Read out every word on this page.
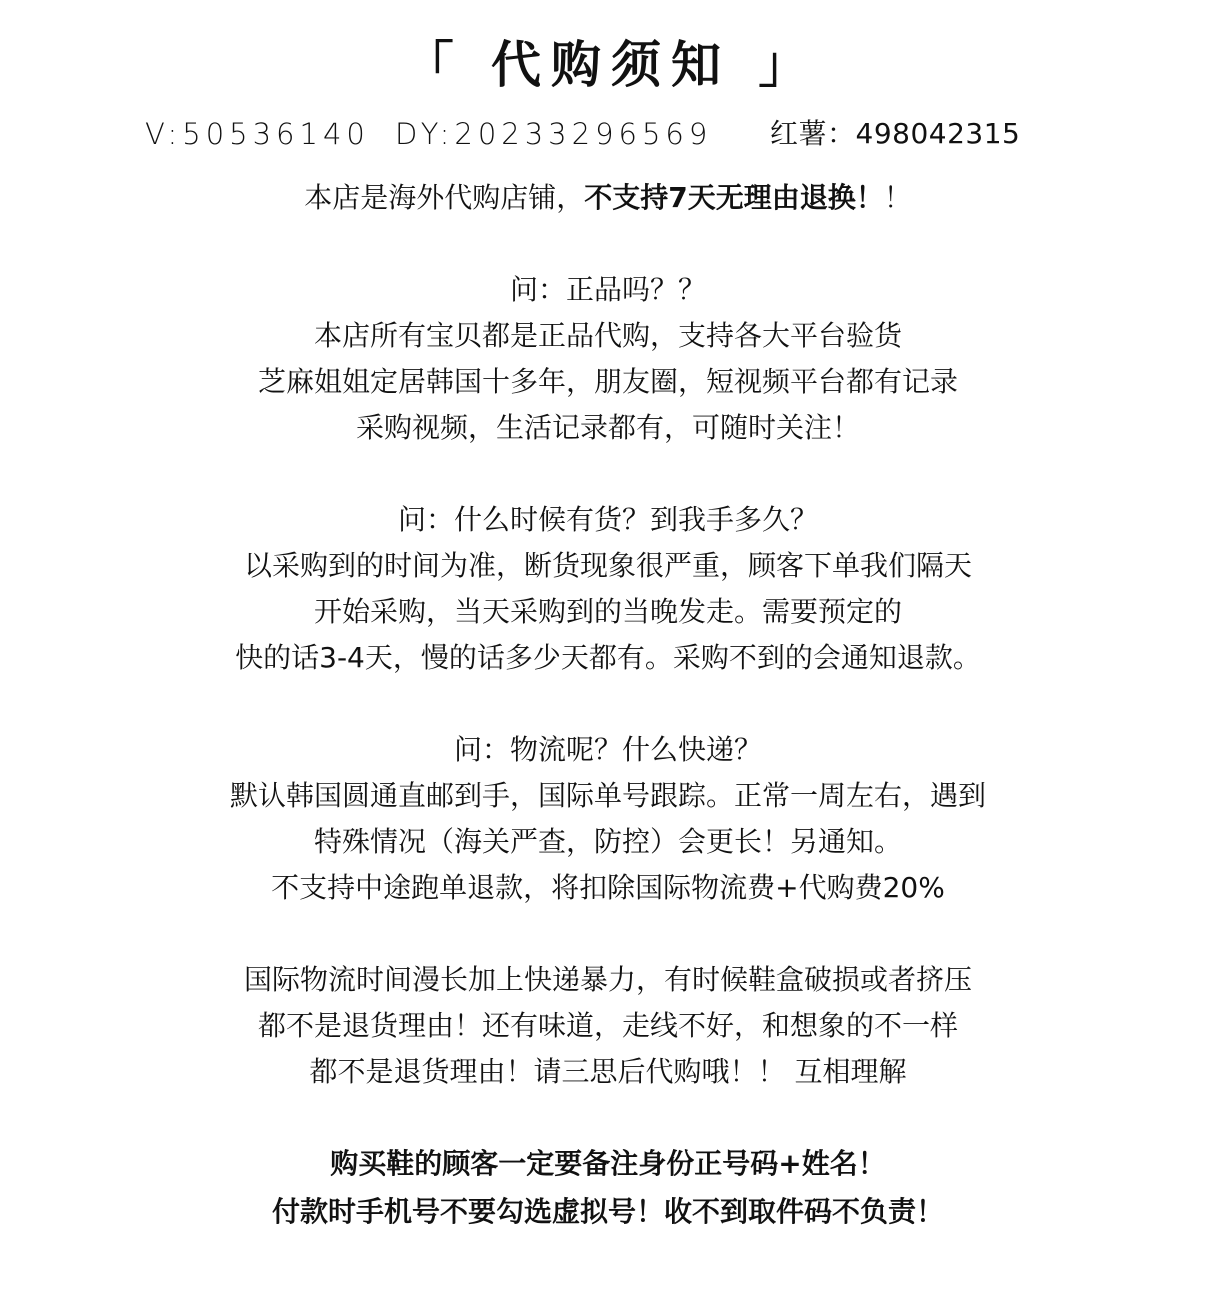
「 代购须知 」
V:50536140 DY:20233296569 红薯：498042315
本店是海外代购店铺，不支持7天无理由退换！！
问：正品吗？？
本店所有宝贝都是正品代购，支持各大平台验货
芝麻姐姐定居韩国十多年，朋友圈，短视频平台都有记录
采购视频，生活记录都有，可随时关注！
问：什么时候有货？到我手多久？
以采购到的时间为准，断货现象很严重，顾客下单我们隔天
开始采购，当天采购到的当晚发走。需要预定的
快的话3-4天，慢的话多少天都有。采购不到的会通知退款。
问：物流呢？什么快递？
默认韩国圆通直邮到手，国际单号跟踪。正常一周左右，遇到
特殊情况（海关严查，防控）会更长！另通知。
不支持中途跑单退款，将扣除国际物流费+代购费20%
国际物流时间漫长加上快递暴力，有时候鞋盒破损或者挤压
都不是退货理由！还有味道，走线不好，和想象的不一样
都不是退货理由！请三思后代购哦！！ 互相理解
购买鞋的顾客一定要备注身份正号码+姓名！
付款时手机号不要勾选虚拟号！收不到取件码不负责！
